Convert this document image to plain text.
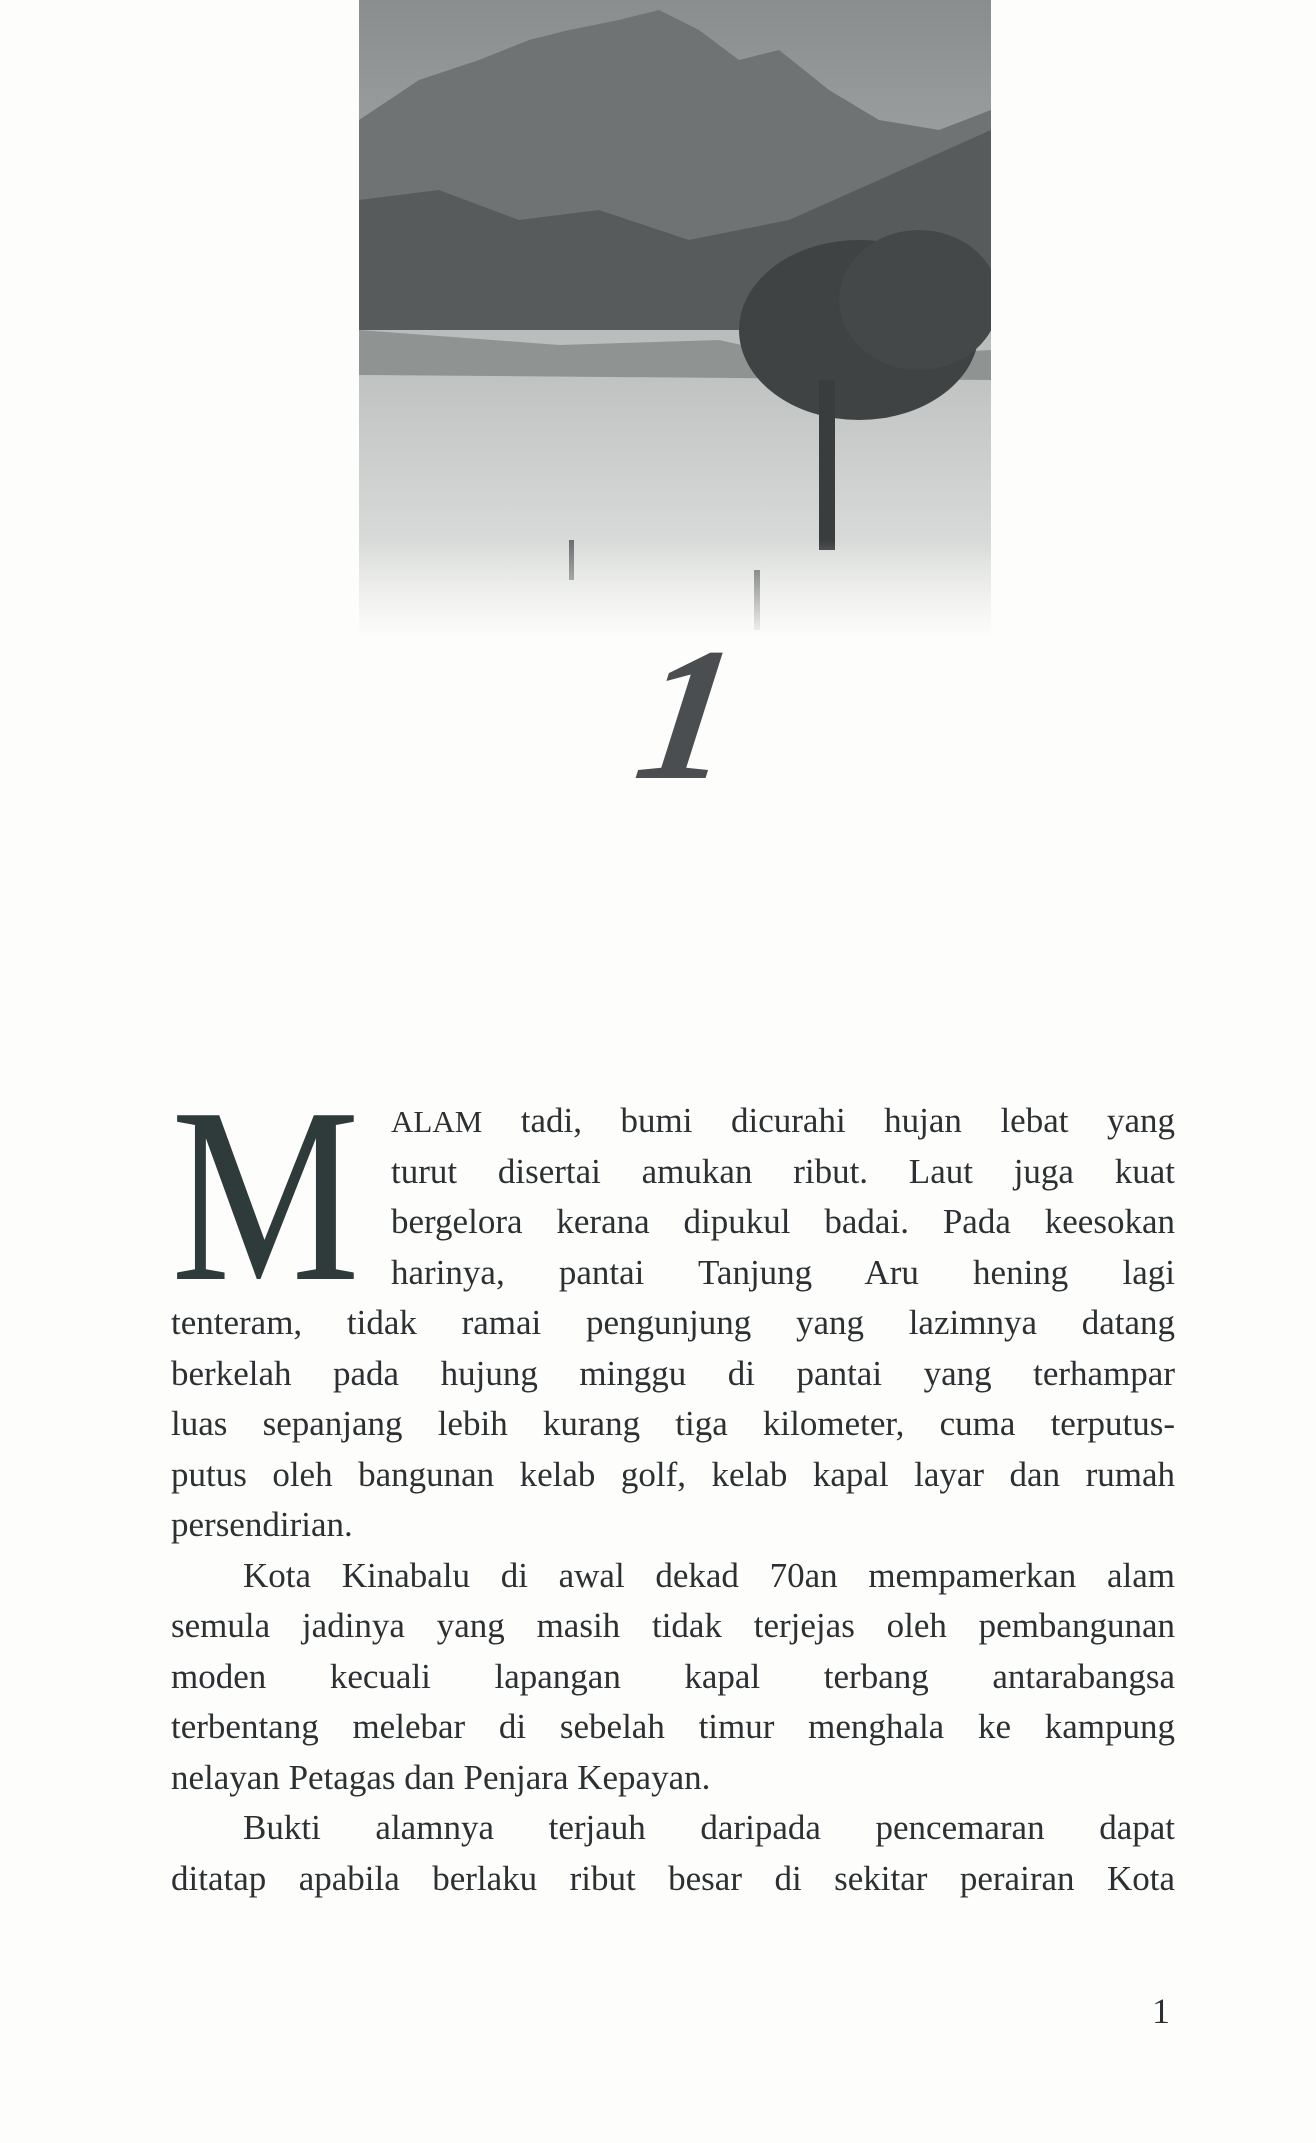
1
M ALAM tadi, bumi dicurahi hujan lebat yang
turut disertai amukan ribut. Laut juga kuat
bergelora kerana dipukul badai. Pada keesokan
harinya, pantai Tanjung Aru hening lagi
tenteram, tidak ramai pengunjung yang lazimnya datang
berkelah pada hujung minggu di pantai yang terhampar
luas sepanjang lebih kurang tiga kilometer, cuma terputus-
putus oleh bangunan kelab golf, kelab kapal layar dan rumah
persendirian.
Kota Kinabalu di awal dekad 70an mempamerkan alam
semula jadinya yang masih tidak terjejas oleh pembangunan
moden kecuali lapangan kapal terbang antarabangsa
terbentang melebar di sebelah timur menghala ke kampung
nelayan Petagas dan Penjara Kepayan.
Bukti alamnya terjauh daripada pencemaran dapat
ditatap apabila berlaku ribut besar di sekitar perairan Kota
1
